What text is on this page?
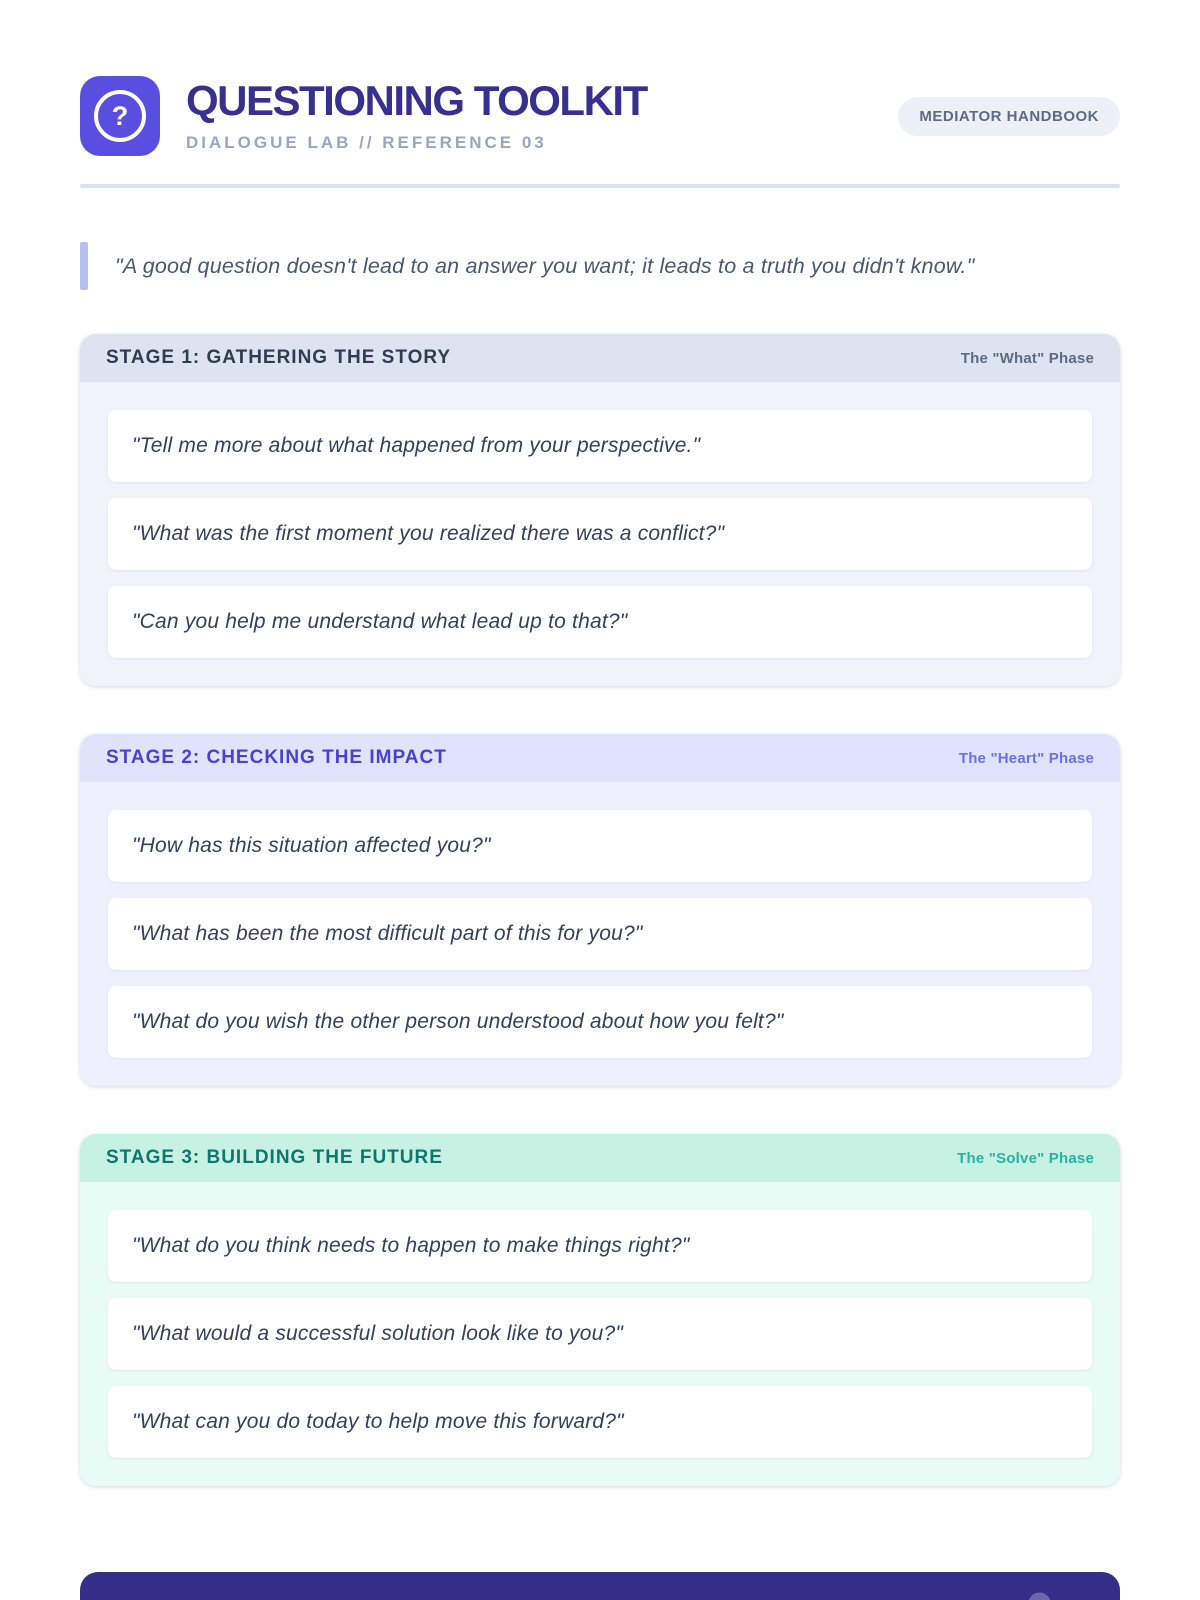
?	QUESTIONING TOOLKIT
DIALOGUE LAB // REFERENCE 03
MEDIATOR HANDBOOK
"A good question doesn't lead to an answer you want; it leads to a truth you didn't know."
STAGE 1: GATHERING THE STORY	The "What" Phase
"Tell me more about what happened from your perspective."
"What was the first moment you realized there was a conflict?"
"Can you help me understand what lead up to that?"
STAGE 2: CHECKING THE IMPACT	The "Heart" Phase
"How has this situation affected you?"
"What has been the most difficult part of this for you?"
"What do you wish the other person understood about how you felt?"
STAGE 3: BUILDING THE FUTURE	The "Solve" Phase
"What do you think needs to happen to make things right?"
"What would a successful solution look like to you?"
"What can you do today to help move this forward?"
